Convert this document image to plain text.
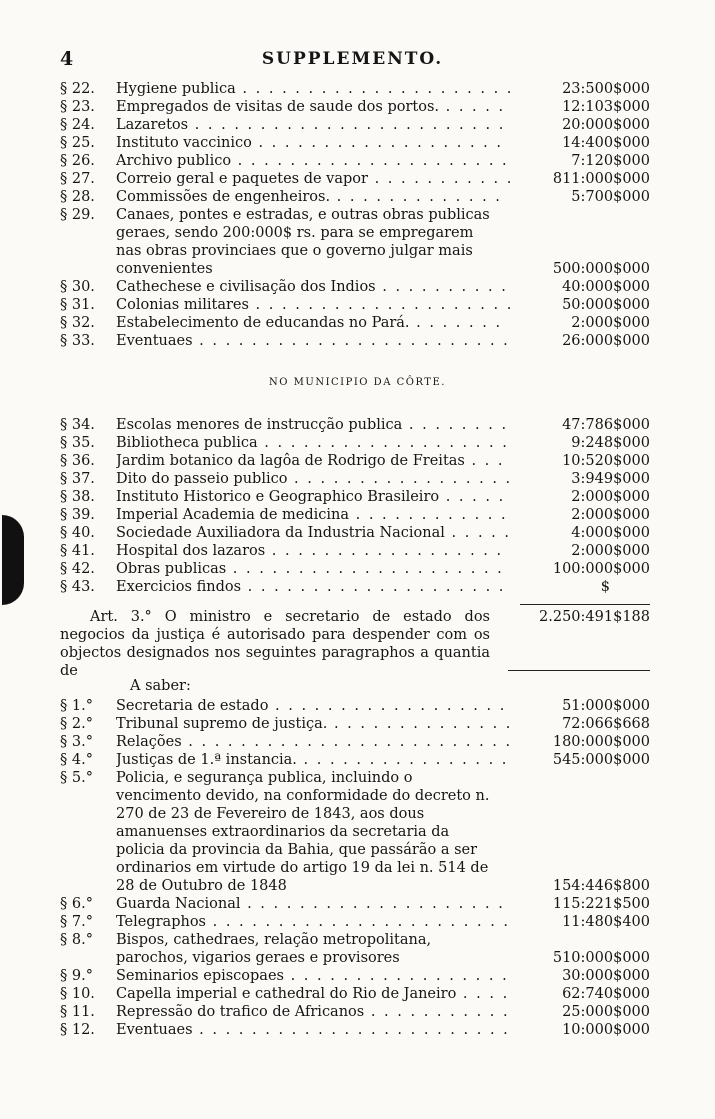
4	SUPPLEMENTO.
§ 22.	Hygiene publica . . .	23:500$000
§ 23.	Empregados de visitas de saude dos portos. . . .	12:103$000
§ 24.	Lazaretos . . .	20:000$000
§ 25.	Instituto vaccinico . . .	14:400$000
§ 26.	Archivo publico . . .	7:120$000
§ 27.	Correio geral e paquetes de vapor . . .	811:000$000
§ 28.	Commissões de engenheiros. . . .	5:700$000
§ 29.	Canaes, pontes e estradas, e outras obras publicas geraes, sendo 200:000$ rs. para se empregarem nas obras provinciaes que o governo julgar mais convenientes	500:000$000
§ 30.	Cathechese e civilisação dos Indios . . .	40:000$000
§ 31.	Colonias militares . . .	50:000$000
§ 32.	Estabelecimento de educandas no Pará. . . .	2:000$000
§ 33.	Eventuaes . . .	26:000$000
NO MUNICIPIO DA CÔRTE.
§ 34.	Escolas menores de instrucção publica . . .	47:786$000
§ 35.	Bibliotheca publica . . .	9:248$000
§ 36.	Jardim botanico da lagôa de Rodrigo de Freitas . . .	10:520$000
§ 37.	Dito do passeio publico . . .	3:949$000
§ 38.	Instituto Historico e Geographico Brasileiro . . .	2:000$000
§ 39.	Imperial Academia de medicina . . .	2:000$000
§ 40.	Sociedade Auxiliadora da Industria Nacional . . .	4:000$000
§ 41.	Hospital dos lazaros . . .	2:000$000
§ 42.	Obras publicas . . .	100:000$000
§ 43.	Exercicios findos . . .	$
Art. 3.° O ministro e secretario de estado dos negocios da justiça é autorisado para despender com os objectos designados nos seguintes paragraphos a quantia de
2.250:491$188
A saber:
§ 1.°	Secretaria de estado . . .	51:000$000
§ 2.°	Tribunal supremo de justiça. . . .	72:066$668
§ 3.°	Relações . . .	180:000$000
§ 4.°	Justiças de 1.ª instancia. . . .	545:000$000
§ 5.°	Policia, e segurança publica, incluindo o vencimento devido, na conformidade do decreto n. 270 de 23 de Fevereiro de 1843, aos dous amanuenses extraordinarios da secretaria da policia da provincia da Bahia, que passárão a ser ordinarios em virtude do artigo 19 da lei n. 514 de 28 de Outubro de 1848	154:446$800
§ 6.°	Guarda Nacional . . .	115:221$500
§ 7.°	Telegraphos . . .	11:480$400
§ 8.°	Bispos, cathedraes, relação metropolitana, parochos, vigarios geraes e provisores	510:000$000
§ 9.°	Seminarios episcopaes . . .	30:000$000
§ 10.	Capella imperial e cathedral do Rio de Janeiro . . .	62:740$000
§ 11.	Repressão do trafico de Africanos . . .	25:000$000
§ 12.	Eventuaes . . .	10:000$000
